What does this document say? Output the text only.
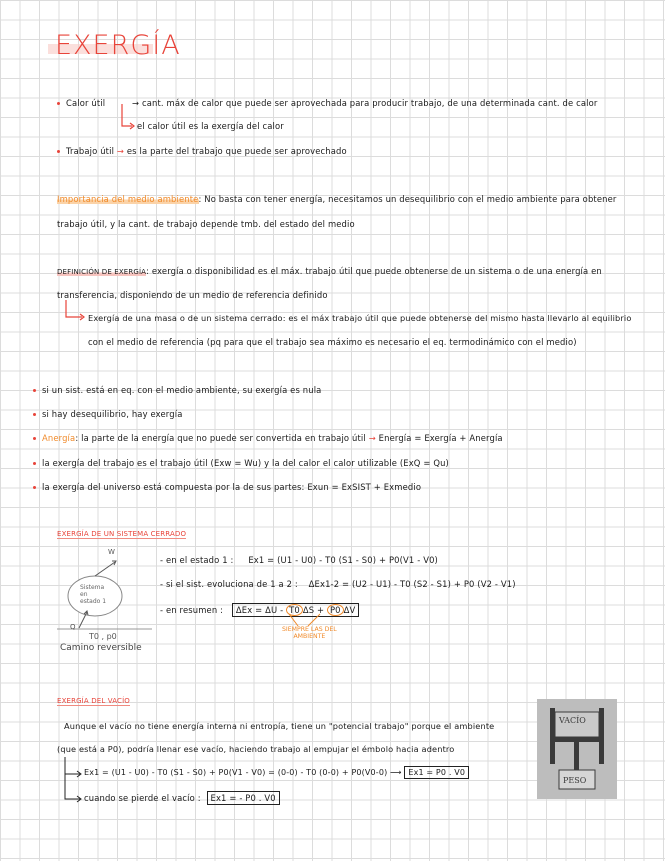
EXERGÍA
Calor útil	→ cant. máx de calor que puede ser aprovechada para producir trabajo, de una determinada cant. de calor
el calor útil es la exergía del calor
Trabajo útil → es la parte del trabajo que puede ser aprovechado
Importancia del medio ambiente: No basta con tener energía, necesitamos un desequilibrio con el medio ambiente para obtener
trabajo útil, y la cant. de trabajo depende tmb. del estado del medio
DEFINICIÓN DE EXERGÍA: exergía o disponibilidad es el máx. trabajo útil que puede obtenerse de un sistema o de una energía en
transferencia, disponiendo de un medio de referencia definido
Exergía de una masa o de un sistema cerrado: es el máx trabajo útil que puede obtenerse del mismo hasta llevarlo al equilibrio
con el medio de referencia (pq para que el trabajo sea máximo es necesario el eq. termodinámico con el medio)
si un sist. está en eq. con el medio ambiente, su exergía es nula
si hay desequilibrio, hay exergía
Anergía: la parte de la energía que no puede ser convertida en trabajo útil → Energía = Exergía + Anergía
la exergía del trabajo es el trabajo útil (Exw = Wu) y la del calor el calor utilizable (ExQ = Qu)
la exergía del universo está compuesta por la de sus partes: Exun = ExSIST + Exmedio
EXERGÍA DE UN SISTEMA CERRADO
W
Sistema
en
estado 1
Q
T0 , p0
Camino reversible
- en el estado 1 : Ex1 = (U1 - U0) - T0 (S1 - S0) + P0(V1 - V0)
- si el sist. evoluciona de 1 a 2 : ΔEx1-2 = (U2 - U1) - T0 (S2 - S1) + P0 (V2 - V1)
- en resumen : ΔEx = ΔU - T0 ΔS + P0 ΔV
SIEMPRE LAS DEL
AMBIENTE
EXERGÍA DEL VACÍO
Aunque el vacío no tiene energía interna ni entropía, tiene un "potencial trabajo" porque el ambiente
(que está a P0), podría llenar ese vacío, haciendo trabajo al empujar el émbolo hacia adentro
Ex1 = (U1 - U0) - T0 (S1 - S0) + P0(V1 - V0) = (0-0) - T0 (0-0) + P0(V0-0) ⟶ Ex1 = P0 . V0
cuando se pierde el vacío : Ex1 = - P0 . V0
VACÍO
PESO
